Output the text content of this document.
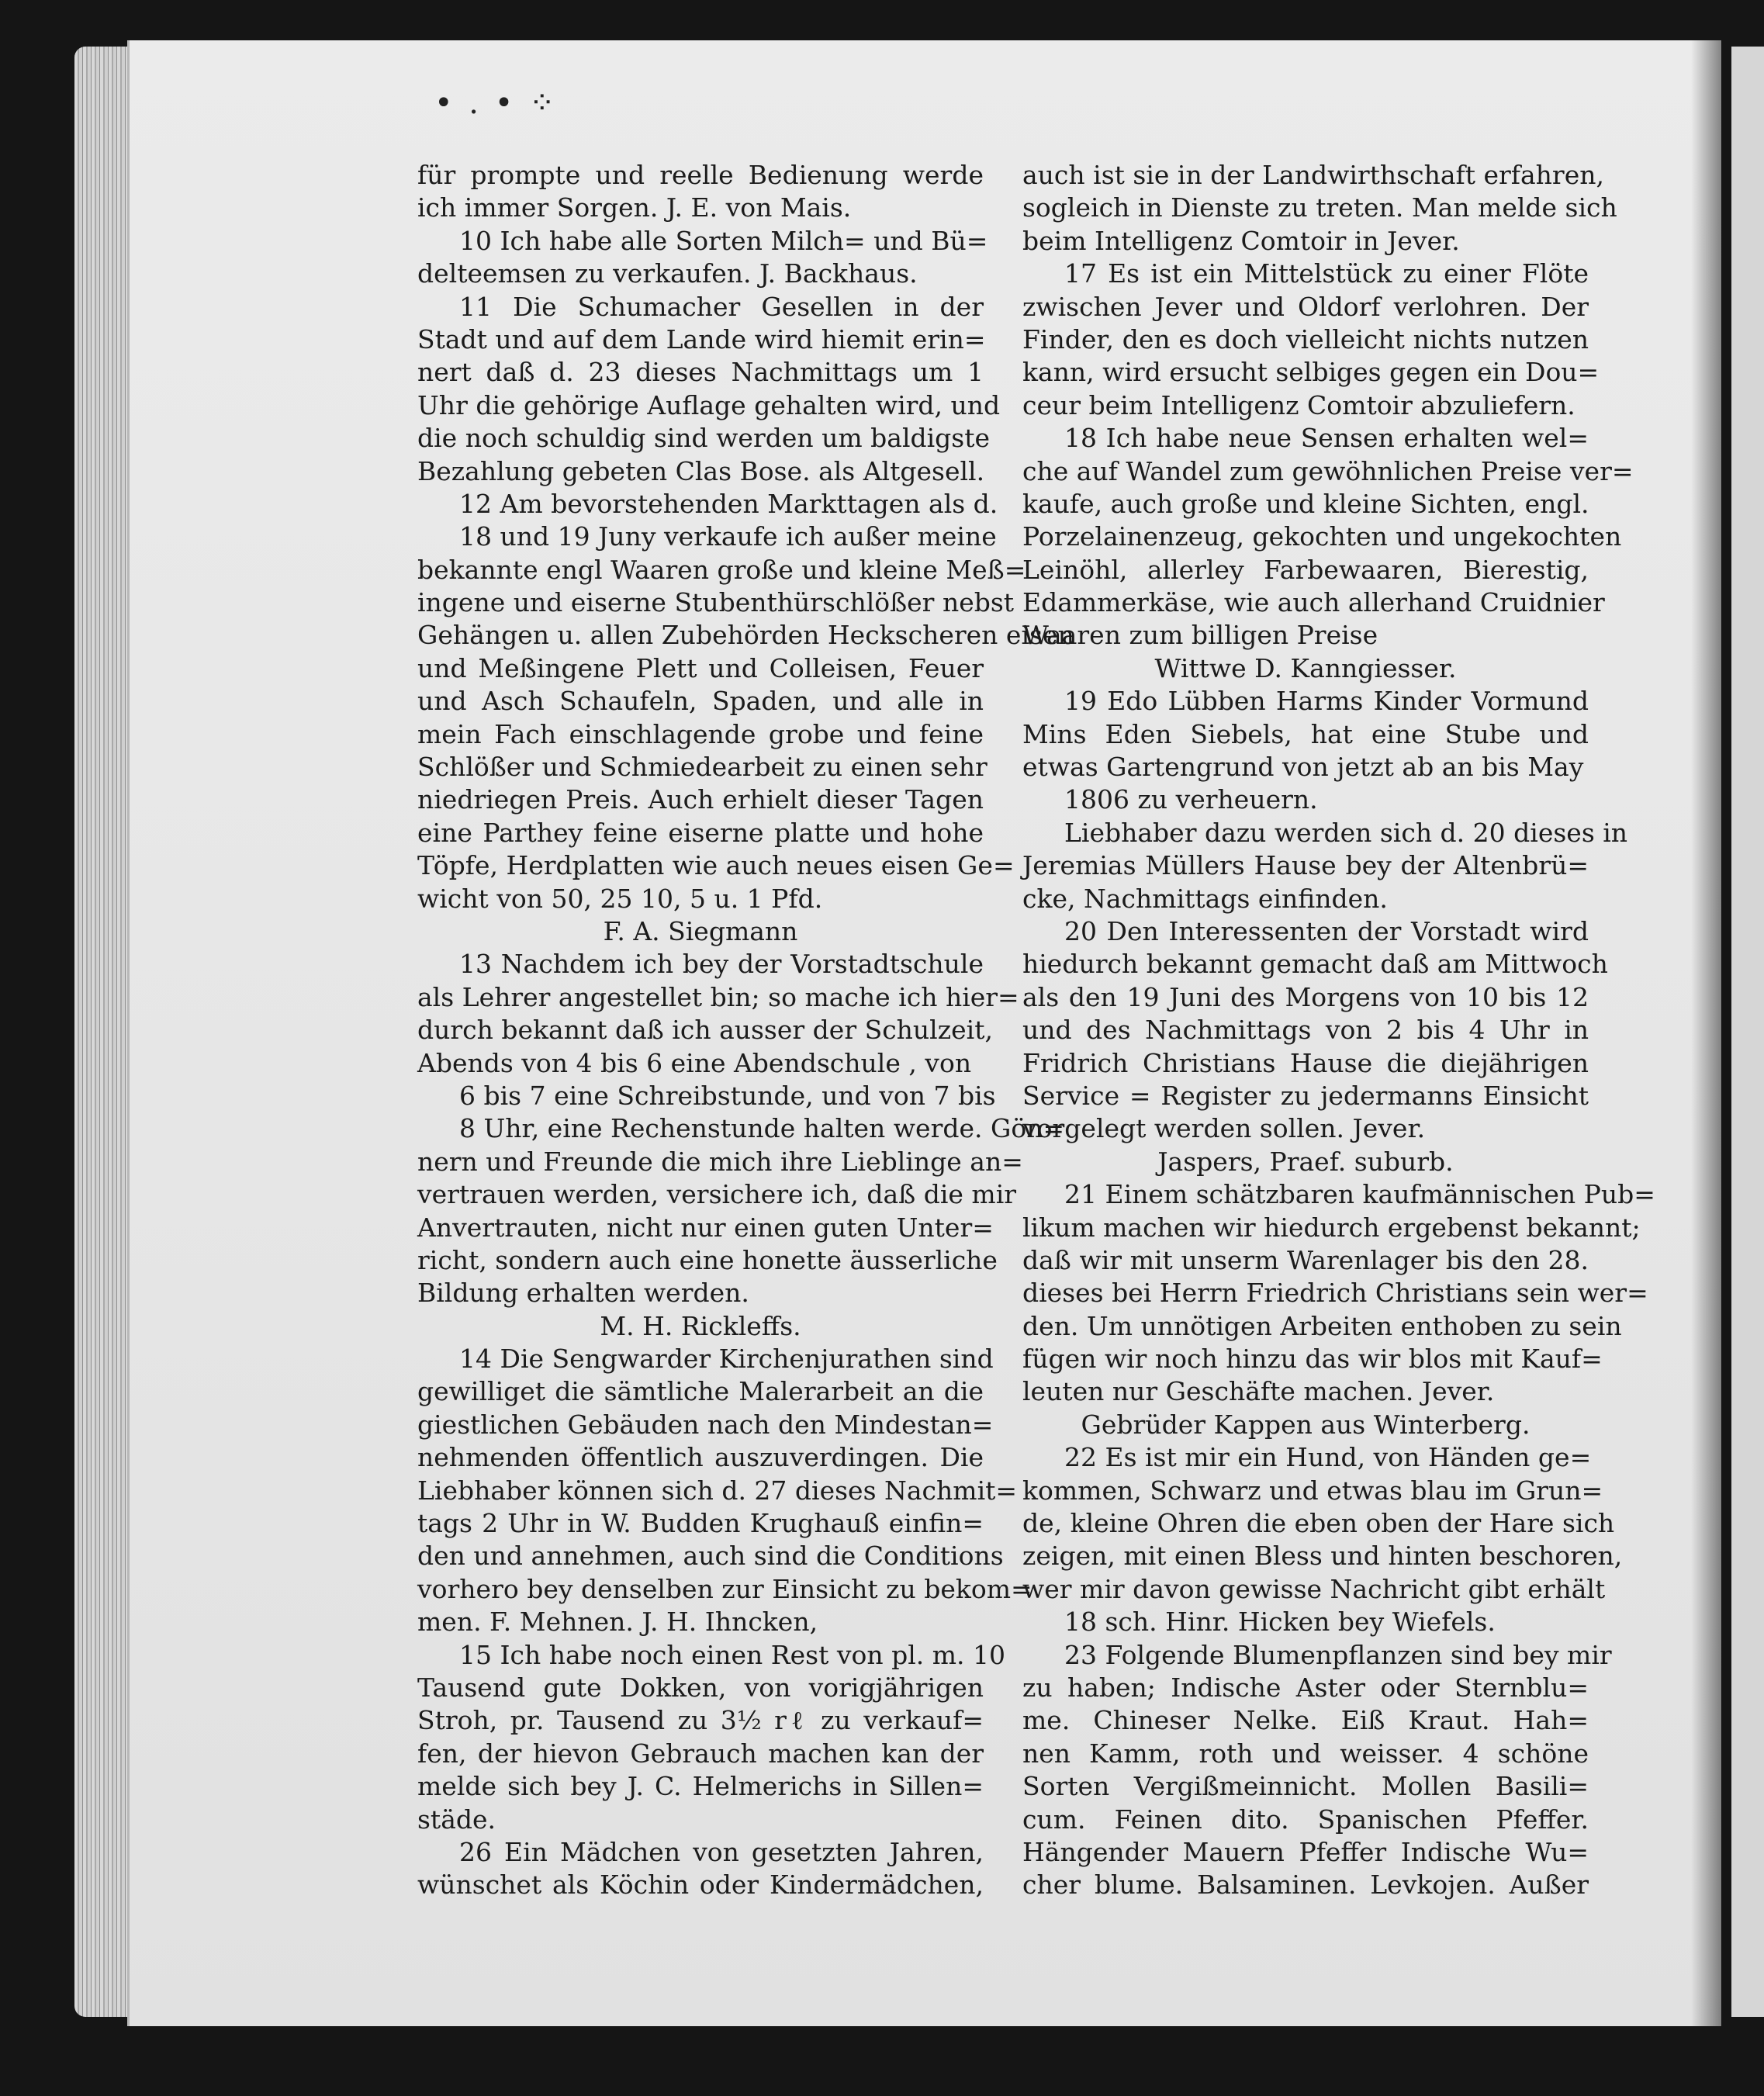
• . • ⁘
für prompte und reelle Bedienung werde
ich immer Sorgen. J. E. von Mais.
10 Ich habe alle Sorten Milch= und Bü=
delteemsen zu verkaufen. J. Backhaus.
11 Die Schumacher Gesellen in der
Stadt und auf dem Lande wird hiemit erin=
nert daß d. 23 dieses Nachmittags um 1
Uhr die gehörige Auflage gehalten wird, und
die noch schuldig sind werden um baldigste
Bezahlung gebeten Clas Bose. als Altgesell.
12 Am bevorstehenden Markttagen als d.
18 und 19 Juny verkaufe ich außer meine
bekannte engl Waaren große und kleine Meß=
ingene und eiserne Stubenthürschlößer nebst
Gehängen u. allen Zubehörden Heckscheren eisen
und Meßingene Plett und Colleisen, Feuer
und Asch Schaufeln, Spaden, und alle in
mein Fach einschlagende grobe und feine
Schlößer und Schmiedearbeit zu einen sehr
niedriegen Preis. Auch erhielt dieser Tagen
eine Parthey feine eiserne platte und hohe
Töpfe, Herdplatten wie auch neues eisen Ge=
wicht von 50, 25 10, 5 u. 1 Pfd.
F. A. Siegmann
13 Nachdem ich bey der Vorstadtschule
als Lehrer angestellet bin; so mache ich hier=
durch bekannt daß ich ausser der Schulzeit,
Abends von 4 bis 6 eine Abendschule , von
6 bis 7 eine Schreibstunde, und von 7 bis
8 Uhr, eine Rechenstunde halten werde. Gön=
nern und Freunde die mich ihre Lieblinge an=
vertrauen werden, versichere ich, daß die mir
Anvertrauten, nicht nur einen guten Unter=
richt, sondern auch eine honette äusserliche
Bildung erhalten werden.
M. H. Rickleffs.
14 Die Sengwarder Kirchenjurathen sind
gewilliget die sämtliche Malerarbeit an die
giestlichen Gebäuden nach den Mindestan=
nehmenden öffentlich auszuverdingen. Die
Liebhaber können sich d. 27 dieses Nachmit=
tags 2 Uhr in W. Budden Krughauß einfin=
den und annehmen, auch sind die Conditions
vorhero bey denselben zur Einsicht zu bekom=
men. F. Mehnen. J. H. Ihncken,
15 Ich habe noch einen Rest von pl. m. 10
Tausend gute Dokken, von vorigjährigen
Stroh, pr. Tausend zu 3½ rℓ zu verkauf=
fen, der hievon Gebrauch machen kan der
melde sich bey J. C. Helmerichs in Sillen=
städe.
26 Ein Mädchen von gesetzten Jahren,
wünschet als Köchin oder Kindermädchen,
auch ist sie in der Landwirthschaft erfahren,
sogleich in Dienste zu treten. Man melde sich
beim Intelligenz Comtoir in Jever.
17 Es ist ein Mittelstück zu einer Flöte
zwischen Jever und Oldorf verlohren. Der
Finder, den es doch vielleicht nichts nutzen
kann, wird ersucht selbiges gegen ein Dou=
ceur beim Intelligenz Comtoir abzuliefern.
18 Ich habe neue Sensen erhalten wel=
che auf Wandel zum gewöhnlichen Preise ver=
kaufe, auch große und kleine Sichten, engl.
Porzelainenzeug, gekochten und ungekochten
Leinöhl, allerley Farbewaaren, Bierestig,
Edammerkäse, wie auch allerhand Cruidnier
Waaren zum billigen Preise
Wittwe D. Kanngiesser.
19 Edo Lübben Harms Kinder Vormund
Mins Eden Siebels, hat eine Stube und
etwas Gartengrund von jetzt ab an bis May
1806 zu verheuern.
Liebhaber dazu werden sich d. 20 dieses in
Jeremias Müllers Hause bey der Altenbrü=
cke, Nachmittags einfinden.
20 Den Interessenten der Vorstadt wird
hiedurch bekannt gemacht daß am Mittwoch
als den 19 Juni des Morgens von 10 bis 12
und des Nachmittags von 2 bis 4 Uhr in
Fridrich Christians Hause die diejährigen
Service = Register zu jedermanns Einsicht
vorgelegt werden sollen. Jever.
Jaspers, Praef. suburb.
21 Einem schätzbaren kaufmännischen Pub=
likum machen wir hiedurch ergebenst bekannt;
daß wir mit unserm Warenlager bis den 28.
dieses bei Herrn Friedrich Christians sein wer=
den. Um unnötigen Arbeiten enthoben zu sein
fügen wir noch hinzu das wir blos mit Kauf=
leuten nur Geschäfte machen. Jever.
Gebrüder Kappen aus Winterberg.
22 Es ist mir ein Hund, von Händen ge=
kommen, Schwarz und etwas blau im Grun=
de, kleine Ohren die eben oben der Hare sich
zeigen, mit einen Bless und hinten beschoren,
wer mir davon gewisse Nachricht gibt erhält
18 sch. Hinr. Hicken bey Wiefels.
23 Folgende Blumenpflanzen sind bey mir
zu haben; Indische Aster oder Sternblu=
me. Chineser Nelke. Eiß Kraut. Hah=
nen Kamm, roth und weisser. 4 schöne
Sorten Vergißmeinnicht. Mollen Basili=
cum. Feinen dito. Spanischen Pfeffer.
Hängender Mauern Pfeffer Indische Wu=
cher blume. Balsaminen. Levkojen. Außer
